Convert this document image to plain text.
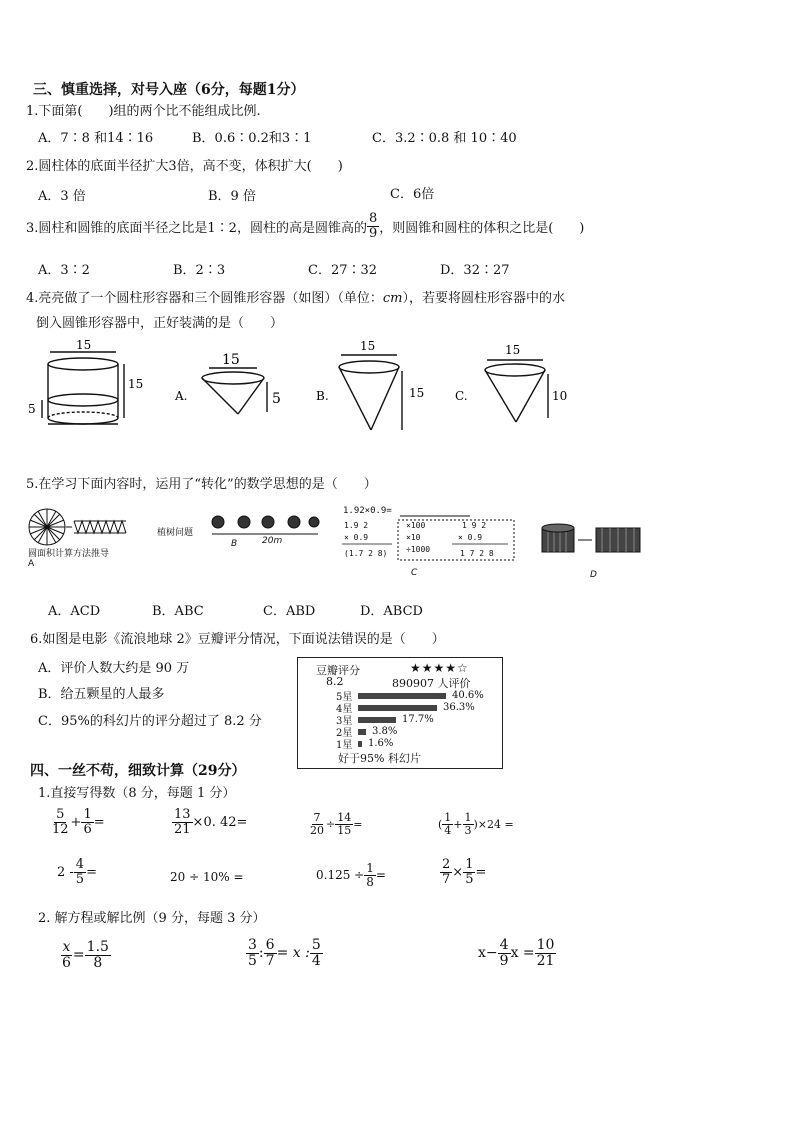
三、慎重选择，对号入座（6分，每题1分）
1.下面第(　　)组的两个比不能组成比例.
A．7∶8 和14∶16	B．0.6∶0.2和3∶1	C．3.2∶0.8 和 10∶40
2.圆柱体的底面半径扩大3倍，高不变，体积扩大(　　)
A．3 倍	B．9 倍	C．6倍
3.圆柱和圆锥的底面半径之比是1∶2，圆柱的高是圆锥高的 $\frac{8}{9}$ ，则圆锥和圆柱的体积之比是(　　)
A．3∶2	B．2∶3	C．27∶32	D．32∶27
4.亮亮做了一个圆柱形容器和三个圆锥形容器（如图）（单位：cm），若要将圆柱形容器中的水
倒入圆锥形容器中，正好装满的是（　　）
15
15
5
A.
15
5	B.
15
15	C.
15
10
5.在学习下面内容时，运用了“转化”的数学思想的是（　　）
圆面积计算方法推导
A
植树问题
B	20m
1.92×0.9=
1.9 2
× 0.9
(1.7 2 8)
×100
×10
÷1000
1 9 2
× 0.9
1 7 2 8
C	D
A．ACD	B．ABC	C．ABD	D．ABCD
6.如图是电影《流浪地球 2》豆瓣评分情况，下面说法错误的是（　　）
A．评价人数大约是 90 万
B．给五颗星的人最多
C．95%的科幻片的评分超过了 8.2 分
豆瓣评分	★★★★☆
8.2	890907 人评价
5星	40.6%
4星	36.3%
3星	17.7%
2星	3.8%
1星	1.6%
好于95% 科幻片
四、一丝不苟，细致计算（29分）
1.直接写得数（8 分，每题 1 分）
$\frac{5}{12} + \frac{1}{6}$ =	$\frac{13}{21} \times 0$. 42=	$\frac{7}{20} \div \frac{14}{15}$ =	( $\frac{1}{4} + \frac{1}{3} )\times 24$ =
$2 - \frac{4}{5}$ =	20 ÷ 10% =	$0.125 \div \frac{1}{8}$ =	$\frac{2}{7} \times \frac{1}{5}$ =
2. 解方程或解比例（9 分，每题 3 分）
$\frac{x}{6} = \frac{1.5}{8}$	$\frac{3}{5}$ : $\frac{6}{7} = x$ : $\frac{5}{4}$	$x- \frac{4}{9}$ $x = \frac{10}{21}$
